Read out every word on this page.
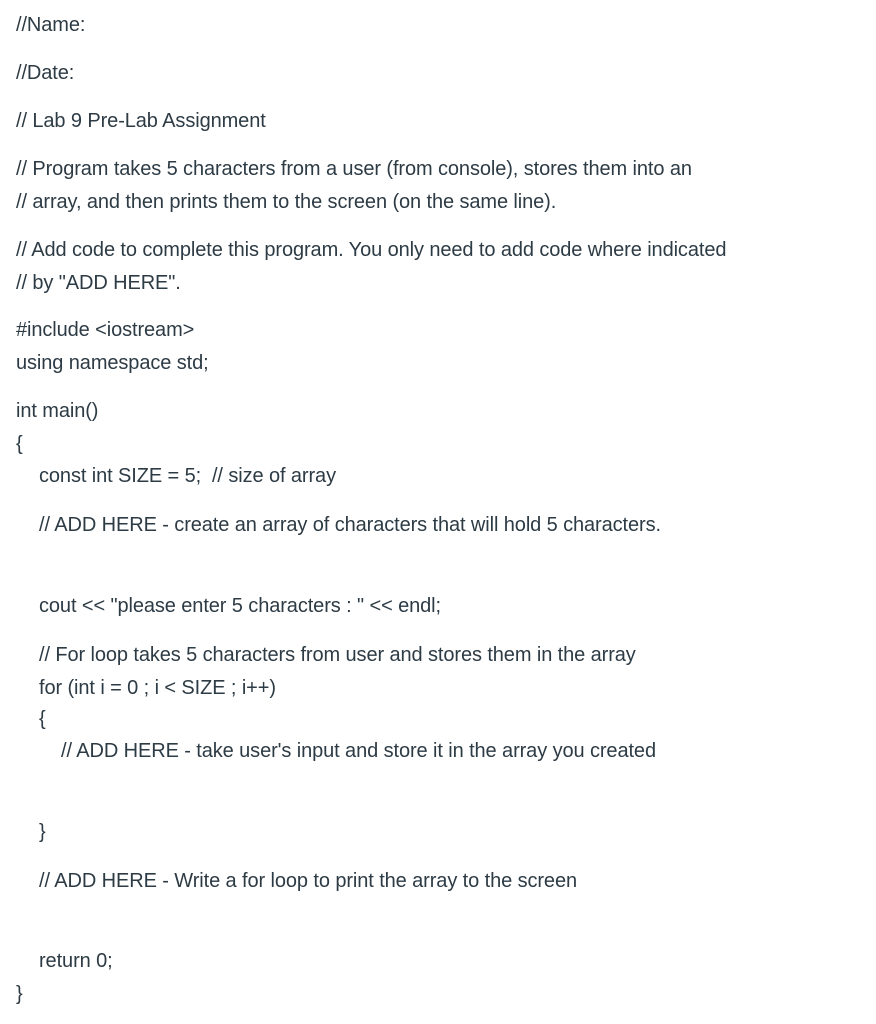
//Name:
//Date:
// Lab 9 Pre-Lab Assignment
// Program takes 5 characters from a user (from console), stores them into an
// array, and then prints them to the screen (on the same line).
// Add code to complete this program. You only need to add code where indicated
// by "ADD HERE".
#include <iostream>
using namespace std;
int main()
{
const int SIZE = 5;  // size of array
// ADD HERE - create an array of characters that will hold 5 characters.
cout << "please enter 5 characters : " << endl;
// For loop takes 5 characters from user and stores them in the array
for (int i = 0 ; i < SIZE ; i++)
{
// ADD HERE - take user's input and store it in the array you created
}
// ADD HERE - Write a for loop to print the array to the screen
return 0;
}
